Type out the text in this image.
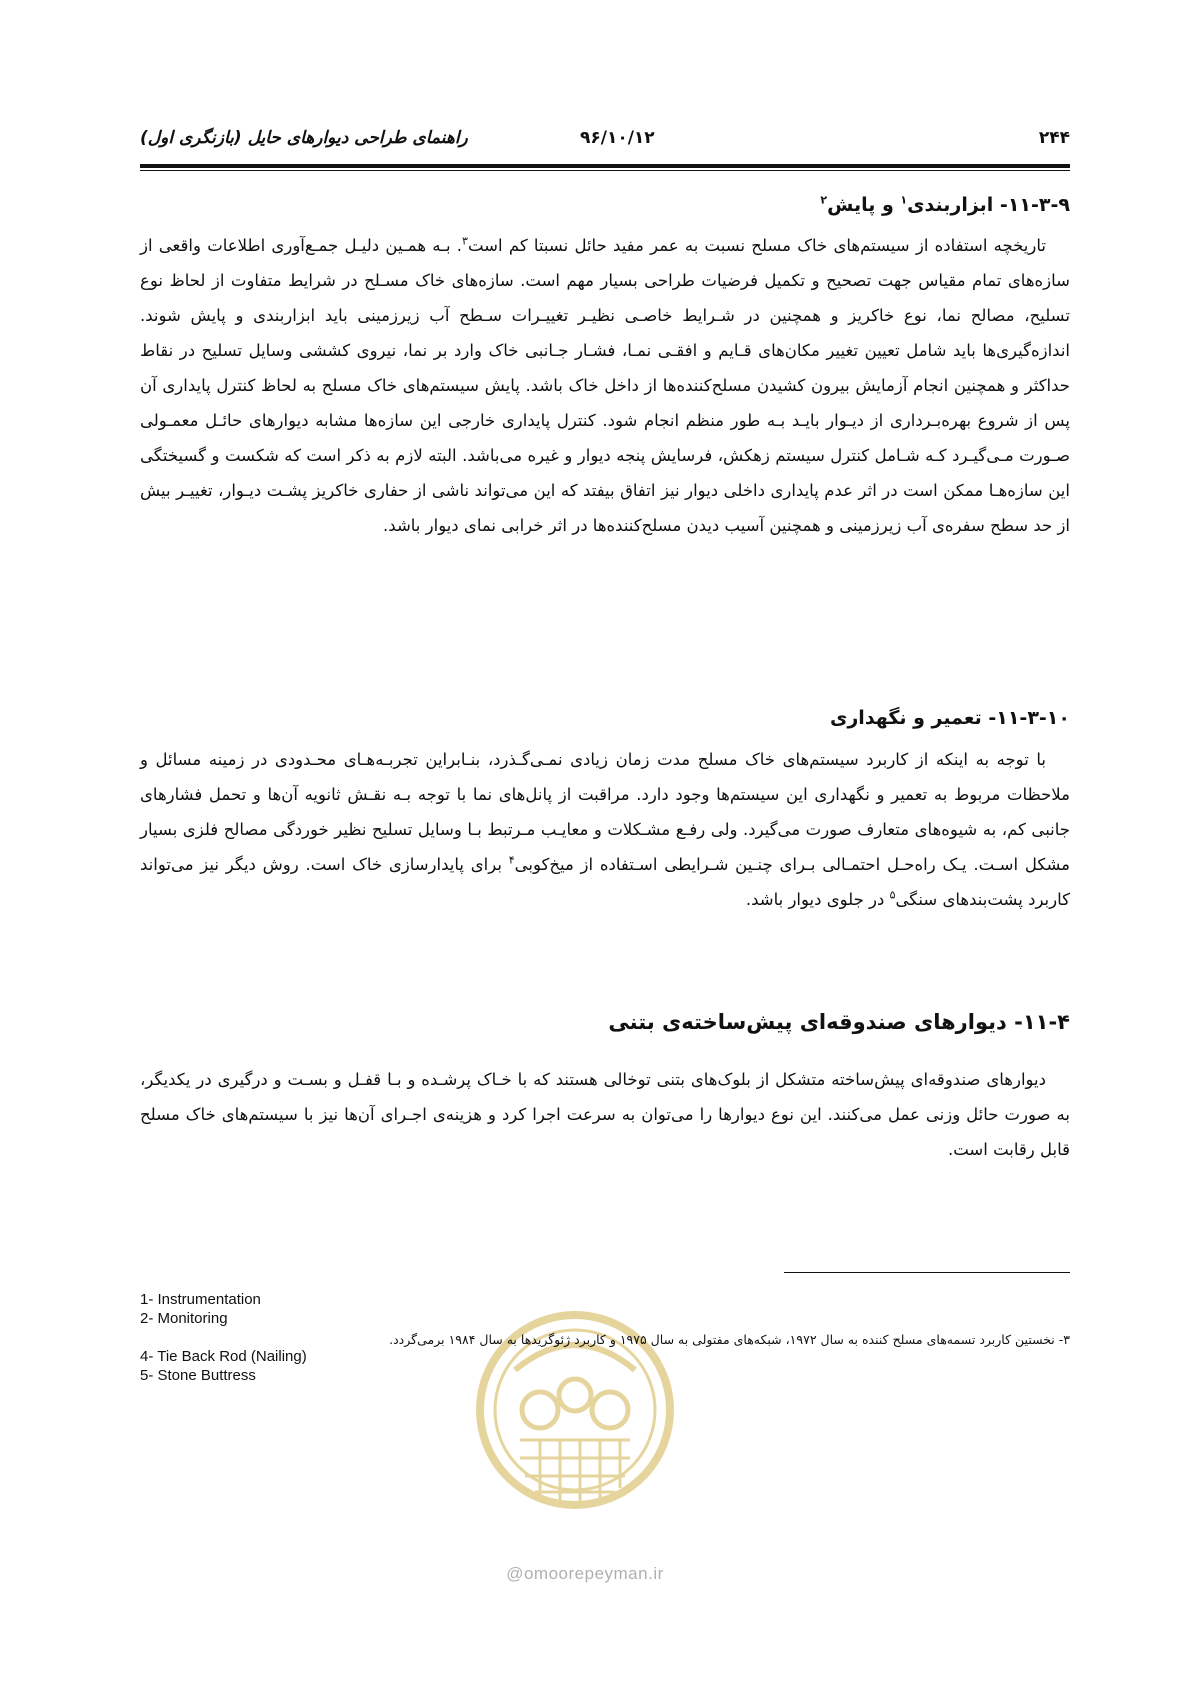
۲۴۴
۹۶/۱۰/۱۲
راهنمای طراحی دیوارهای حایل (بازنگری اول)

۱۱-۳-۹- ابزاربندی$^۱$ و پایش$^۲$

تاریخچه استفاده از سیستم‌های خاک مسلح نسبت به عمر مفید حائل نسبتا کم است$^۳$. بـه همـین دلیـل جمـع‌آوری اطلاعات واقعی از سازه‌های تمام مقیاس جهت تصحیح و تکمیل فرضیات طراحی بسیار مهم است. سازه‌های خاک مسـلح در شرایط متفاوت از لحاظ نوع تسلیح، مصالح نما، نوع خاکریز و همچنین در شـرایط خاصـی نظیـر تغییـرات سـطح آب زیرزمینی باید ابزاربندی و پایش شوند. اندازه‌گیری‌ها باید شامل تعیین تغییر مکان‌های قـایم و افقـی نمـا، فشـار جـانبی خاک وارد بر نما، نیروی کششی وسایل تسلیح در نقاط حداکثر و همچنین انجام آزمایش بیرون کشیدن مسلح‌کننده‌ها از داخل خاک باشد. پایش سیستم‌های خاک مسلح به لحاظ کنترل پایداری آن پس از شروع بهره‌بـرداری از دیـوار بایـد بـه طور منظم انجام شود. کنترل پایداری خارجی این سازه‌ها مشابه دیوارهای حائـل معمـولی صـورت مـی‌گیـرد کـه شـامل کنترل سیستم زهکش، فرسایش پنجه دیوار و غیره می‌باشد. البته لازم به ذکر است که شکست و گسیختگی این سازه‌هـا ممکن است در اثر عدم پایداری داخلی دیوار نیز اتفاق بیفتد که این می‌تواند ناشی از حفاری خاکریز پشـت دیـوار، تغییـر بیش از حد سطح سفره‌ی آب زیرزمینی و همچنین آسیب دیدن مسلح‌کننده‌ها در اثر خرابی نمای دیوار باشد.

۱۱-۳-۱۰- تعمیر و نگهداری

با توجه به اینکه از کاربرد سیستم‌های خاک مسلح مدت زمان زیادی نمـی‌گـذرد، بنـابراین تجربـه‌هـای محـدودی در زمینه مسائل و ملاحظات مربوط به تعمیر و نگهداری این سیستم‌ها وجود دارد. مراقبت از پانل‌های نما با توجه بـه نقـش ثانویه آن‌ها و تحمل فشارهای جانبی کم، به شیوه‌های متعارف صورت می‌گیرد. ولی رفـع مشـکلات و معایـب مـرتبط بـا وسایل تسلیح نظیر خوردگی مصالح فلزی بسیار مشکل اسـت. یـک راه‌حـل احتمـالی بـرای چنـین شـرایطی اسـتفاده از میخ‌کوبی$^۴$ برای پایدارسازی خاک است. روش دیگر نیز می‌تواند کاربرد پشت‌بندهای سنگی$^۵$ در جلوی دیوار باشد.

۱۱-۴- دیوارهای صندوقه‌ای پیش‌ساخته‌ی بتنی

دیوارهای صندوقه‌ای پیش‌ساخته متشکل از بلوک‌های بتنی توخالی هستند که با خـاک پرشـده و بـا قفـل و بسـت و درگیری در یکدیگر، به صورت حائل وزنی عمل می‌کنند. این نوع دیوارها را می‌توان به سرعت اجرا کرد و هزینه‌ی اجـرای آن‌ها نیز با سیستم‌های خاک مسلح قابل رقابت است.

1- Instrumentation

2- Monitoring

4- Tie Back Rod (Nailing)

5- Stone Buttress

۳- نخستین کاربرد تسمه‌های مسلح کننده به سال ۱۹۷۲، شبکه‌های مفتولی به سال ۱۹۷۵ و کاربرد ژئوگریدها به سال ۱۹۸۴ برمی‌گردد.
@omoorepeyman.ir
